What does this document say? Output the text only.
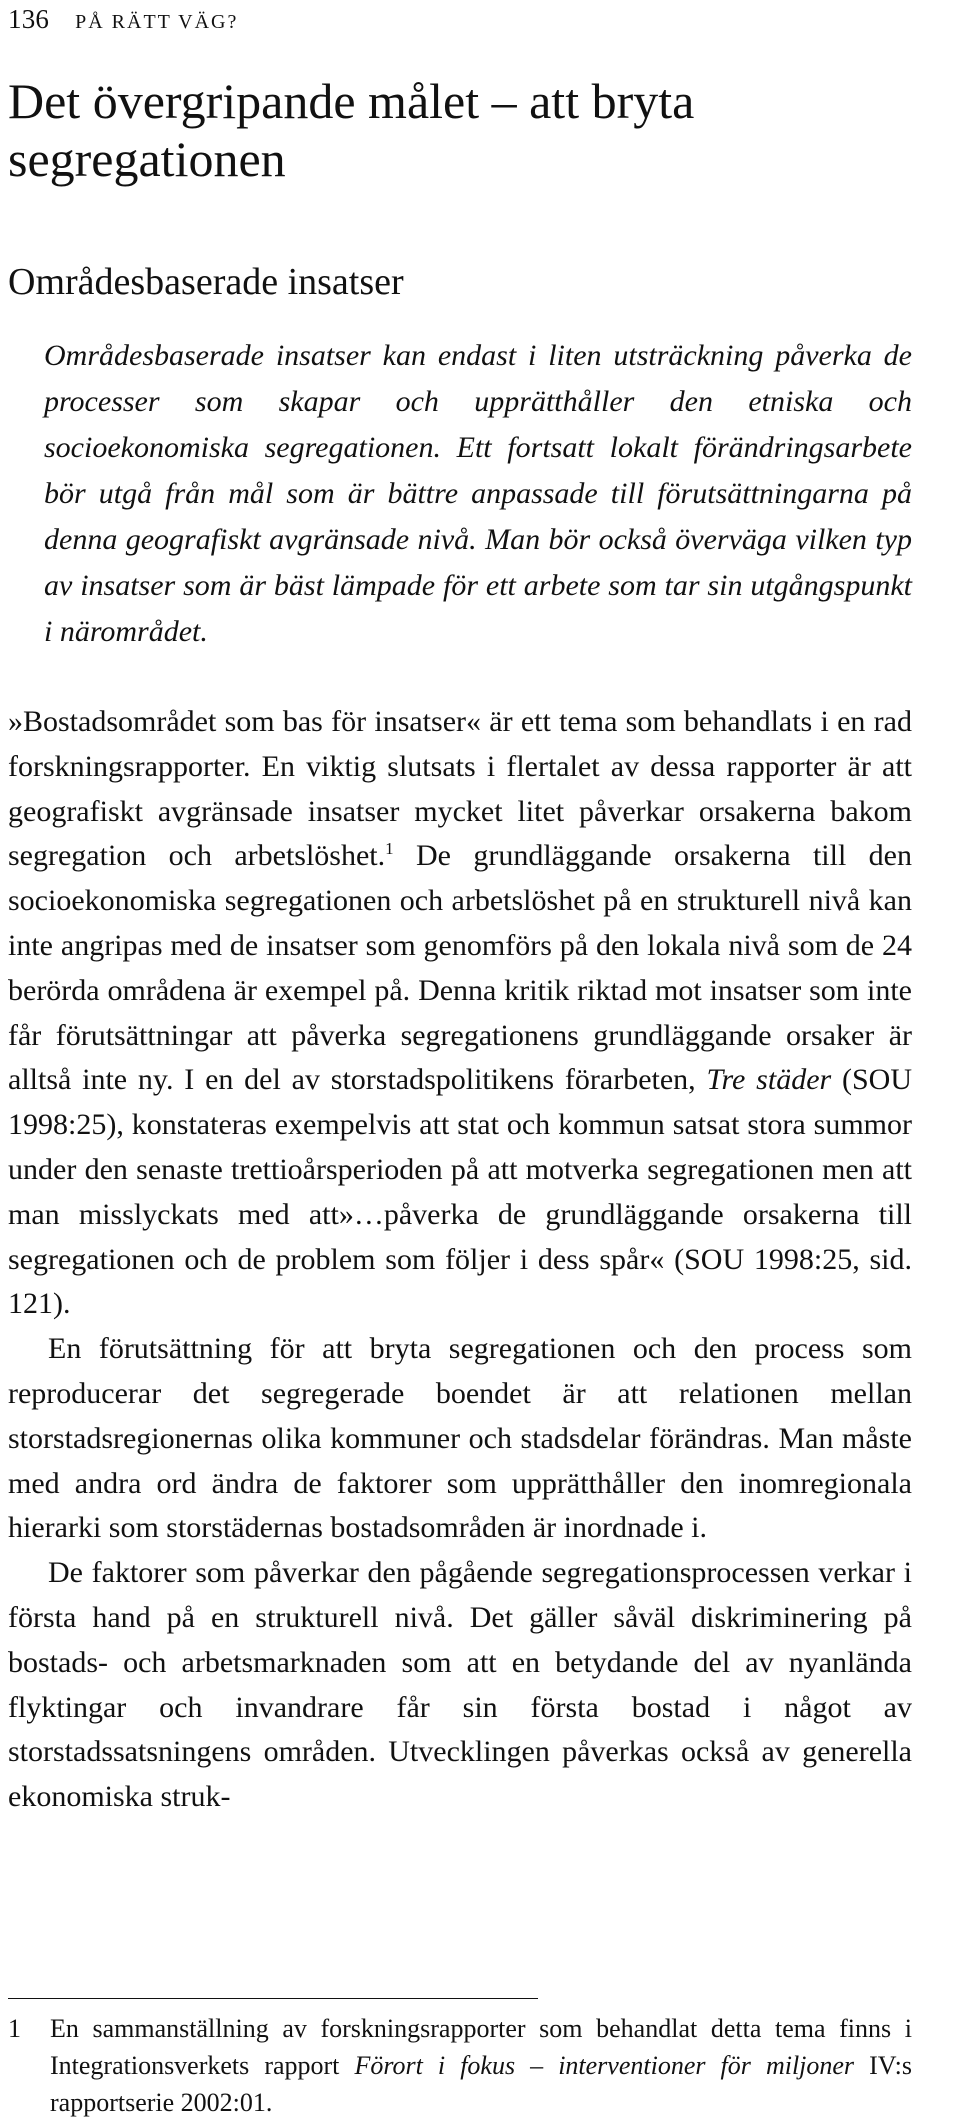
136 PÅ RÄTT VÄG?
Det övergripande målet – att bryta segregationen
Områdesbaserade insatser

Områdesbaserade insatser kan endast i liten utsträckning påverka de processer som skapar och upprätthåller den etniska och socioekonomiska segregationen. Ett fortsatt lokalt förändringsarbete bör utgå från mål som är bättre anpassade till förutsättningarna på denna geografiskt avgränsade nivå. Man bör också överväga vilken typ av insatser som är bäst lämpade för ett arbete som tar sin utgångspunkt i närområdet.

»Bostadsområdet som bas för insatser« är ett tema som behandlats i en rad forskningsrapporter. En viktig slutsats i flertalet av dessa rapporter är att geografiskt avgränsade insatser mycket litet påverkar orsakerna bakom segregation och arbetslöshet.$^1$ De grundläggande orsakerna till den socioekonomiska segregationen och arbetslöshet på en strukturell nivå kan inte angripas med de insatser som genomförs på den lokala nivå som de 24 berörda områdena är exempel på. Denna kritik riktad mot insatser som inte får förutsättningar att påverka segregationens grundläggande orsaker är alltså inte ny. I en del av storstadspolitikens förarbeten, Tre städer (SOU 1998:25), konstateras exempelvis att stat och kommun satsat stora summor under den senaste trettioårsperioden på att motverka segregationen men att man misslyckats med att»…påverka de grundläggande orsakerna till segregationen och de problem som följer i dess spår« (SOU 1998:25, sid. 121).

En förutsättning för att bryta segregationen och den process som reproducerar det segregerade boendet är att relationen mellan storstadsregionernas olika kommuner och stadsdelar förändras. Man måste med andra ord ändra de faktorer som upprätthåller den inomregionala hierarki som storstädernas bostadsområden är inordnade i.

De faktorer som påverkar den pågående segregationsprocessen verkar i första hand på en strukturell nivå. Det gäller såväl diskriminering på bostads- och arbetsmarknaden som att en betydande del av nyanlända flyktingar och invandrare får sin första bostad i något av storstadssatsningens områden. Utvecklingen påverkas också av generella ekonomiska struk-

1 En sammanställning av forskningsrapporter som behandlat detta tema finns i Integrationsverkets rapport Förort i fokus – interventioner för miljoner IV:s rapportserie 2002:01.
